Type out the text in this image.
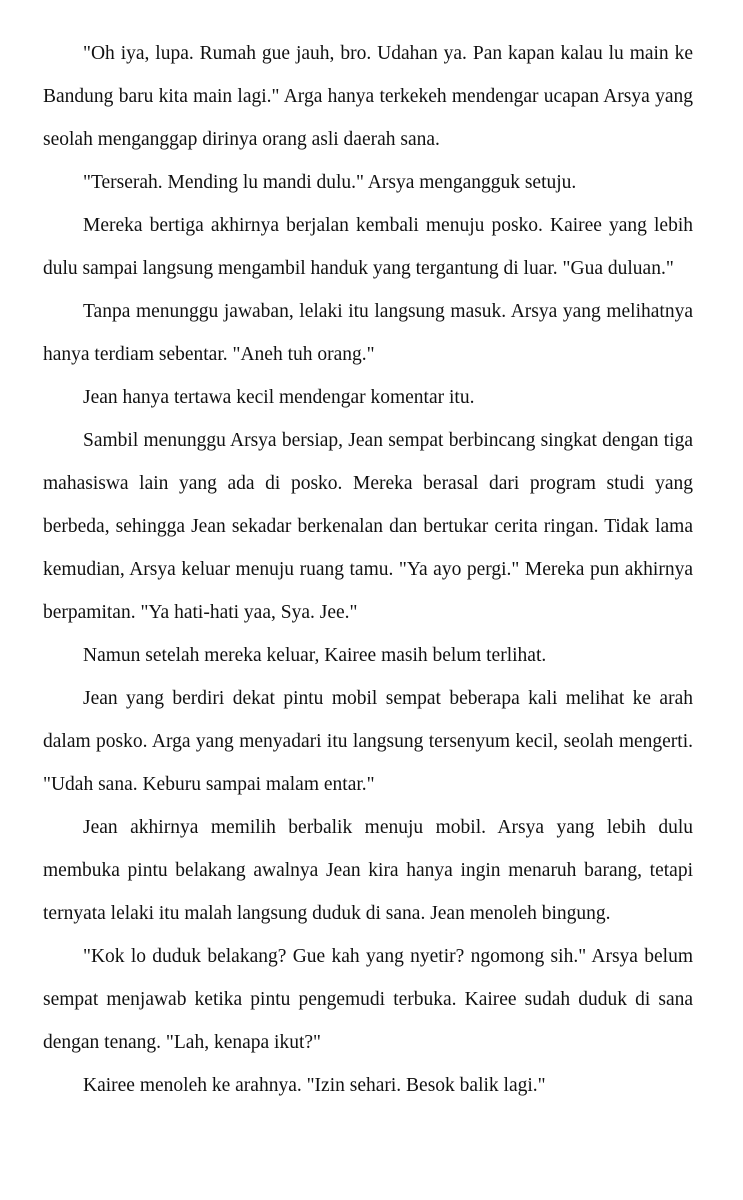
"Oh iya, lupa. Rumah gue jauh, bro. Udahan ya. Pan kapan kalau lu main ke Bandung baru kita main lagi." Arga hanya terkekeh mendengar ucapan Arsya yang seolah menganggap dirinya orang asli daerah sana.

"Terserah. Mending lu mandi dulu." Arsya mengangguk setuju.

Mereka bertiga akhirnya berjalan kembali menuju posko. Kairee yang lebih dulu sampai langsung mengambil handuk yang tergantung di luar. "Gua duluan."

Tanpa menunggu jawaban, lelaki itu langsung masuk. Arsya yang melihatnya hanya terdiam sebentar. "Aneh tuh orang."

Jean hanya tertawa kecil mendengar komentar itu.

Sambil menunggu Arsya bersiap, Jean sempat berbincang singkat dengan tiga mahasiswa lain yang ada di posko. Mereka berasal dari program studi yang berbeda, sehingga Jean sekadar berkenalan dan bertukar cerita ringan. Tidak lama kemudian, Arsya keluar menuju ruang tamu. "Ya ayo pergi." Mereka pun akhirnya berpamitan. "Ya hati-hati yaa, Sya. Jee."

Namun setelah mereka keluar, Kairee masih belum terlihat.

Jean yang berdiri dekat pintu mobil sempat beberapa kali melihat ke arah dalam posko. Arga yang menyadari itu langsung tersenyum kecil, seolah mengerti. "Udah sana. Keburu sampai malam entar."

Jean akhirnya memilih berbalik menuju mobil. Arsya yang lebih dulu membuka pintu belakang awalnya Jean kira hanya ingin menaruh barang, tetapi ternyata lelaki itu malah langsung duduk di sana. Jean menoleh bingung.

"Kok lo duduk belakang? Gue kah yang nyetir? ngomong sih." Arsya belum sempat menjawab ketika pintu pengemudi terbuka. Kairee sudah duduk di sana dengan tenang. "Lah, kenapa ikut?"

Kairee menoleh ke arahnya. "Izin sehari. Besok balik lagi."
